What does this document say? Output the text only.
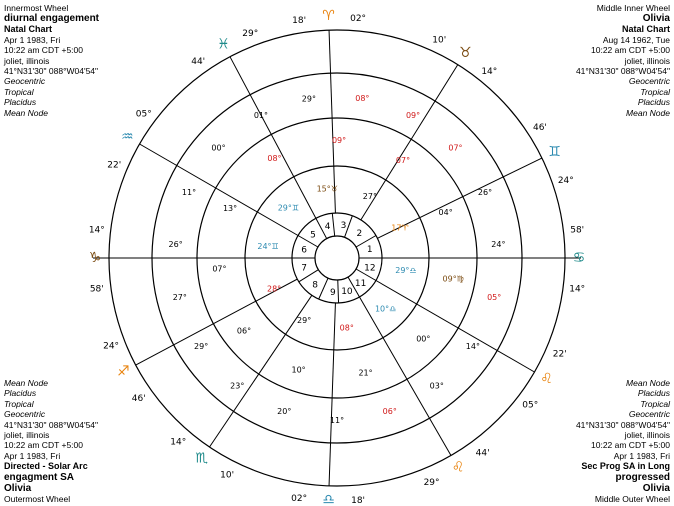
Innermost Wheel
diurnal engagement
Natal Chart
Apr 1 1983, Fri
10:22 am CDT +5:00
joliet, illinois
41°N31'30" 088°W04'54"
Geocentric
Tropical
Placidus
Mean Node
Middle Inner Wheel
Olivia
Natal Chart
Aug 14 1962, Tue
10:22 am CDT +5:00
joliet, illinois
41°N31'30" 088°W04'54"
Geocentric
Tropical
Placidus
Mean Node
Mean Node
Placidus
Tropical
Geocentric
41°N31'30" 088°W04'54"
joliet, illinois
10:22 am CDT +5:00
Apr 1 1983, Fri
Directed - Solar Arc
engagment SA
Olivia
Outermost Wheel
Mean Node
Placidus
Tropical
Geocentric
41°N31'30" 088°W04'54"
joliet, illinois
10:22 am CDT +5:00
Apr 1 1983, Fri
Sec Prog SA in Long
progressed
Olivia
Middle Outer Wheel
1
2
3
4
5
6
7
8
9 10
11
12
02°
♈
18'
29°
♓
44'
05°
♒
22'
14°
♑
58'
24°
♐
46'
14°
♏
10'
02° ♎ 18'
29°
♌
44'
05°
♌
22'
14°
♋
58'
24°
♊
46'
14°
♉
10'
24°♊
29°♊
15°♉
27°
17♈
29°♎
10°♎
08°
29°
28°
13°
08°
09°
07°
04°
09°♍
00°
21°
10°
06°
07°
29°	08°
09°
07°
26°
24°
05°
14°
03°
06°
11°
20°
23°
29°
27°
26°
11°
00°
01°
